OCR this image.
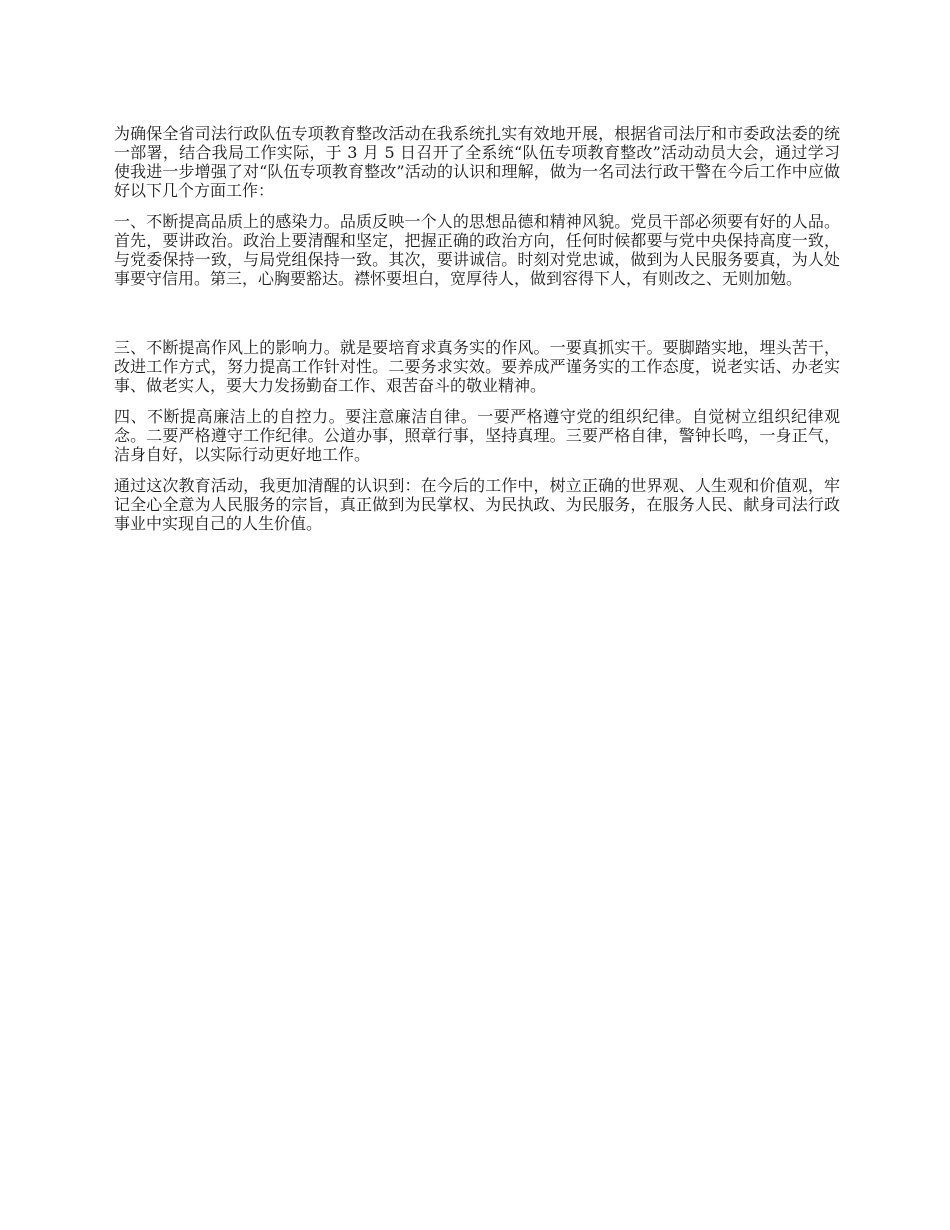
为确保全省司法行政队伍专项教育整改活动在我系统扎实有效地开展，根据省司法厅和市委政法委的统一部署，结合我局工作实际，于 3 月 5 日召开了全系统“队伍专项教育整改”活动动员大会，通过学习使我进一步增强了对“队伍专项教育整改”活动的认识和理解，做为一名司法行政干警在今后工作中应做好以下几个方面工作：

一、不断提高品质上的感染力。品质反映一个人的思想品德和精神风貌。党员干部必须要有好的人品。首先，要讲政治。政治上要清醒和坚定，把握正确的政治方向，任何时候都要与党中央保持高度一致，与党委保持一致，与局党组保持一致。其次，要讲诚信。时刻对党忠诚，做到为人民服务要真，为人处事要守信用。第三，心胸要豁达。襟怀要坦白，宽厚待人，做到容得下人，有则改之、无则加勉。

三、不断提高作风上的影响力。就是要培育求真务实的作风。一要真抓实干。要脚踏实地，埋头苦干，改进工作方式，努力提高工作针对性。二要务求实效。要养成严谨务实的工作态度，说老实话、办老实事、做老实人，要大力发扬勤奋工作、艰苦奋斗的敬业精神。

四、不断提高廉洁上的自控力。要注意廉洁自律。一要严格遵守党的组织纪律。自觉树立组织纪律观念。二要严格遵守工作纪律。公道办事，照章行事，坚持真理。三要严格自律，警钟长鸣，一身正气，洁身自好，以实际行动更好地工作。

通过这次教育活动，我更加清醒的认识到：在今后的工作中，树立正确的世界观、人生观和价值观，牢记全心全意为人民服务的宗旨，真正做到为民掌权、为民执政、为民服务，在服务人民、献身司法行政事业中实现自己的人生价值。
